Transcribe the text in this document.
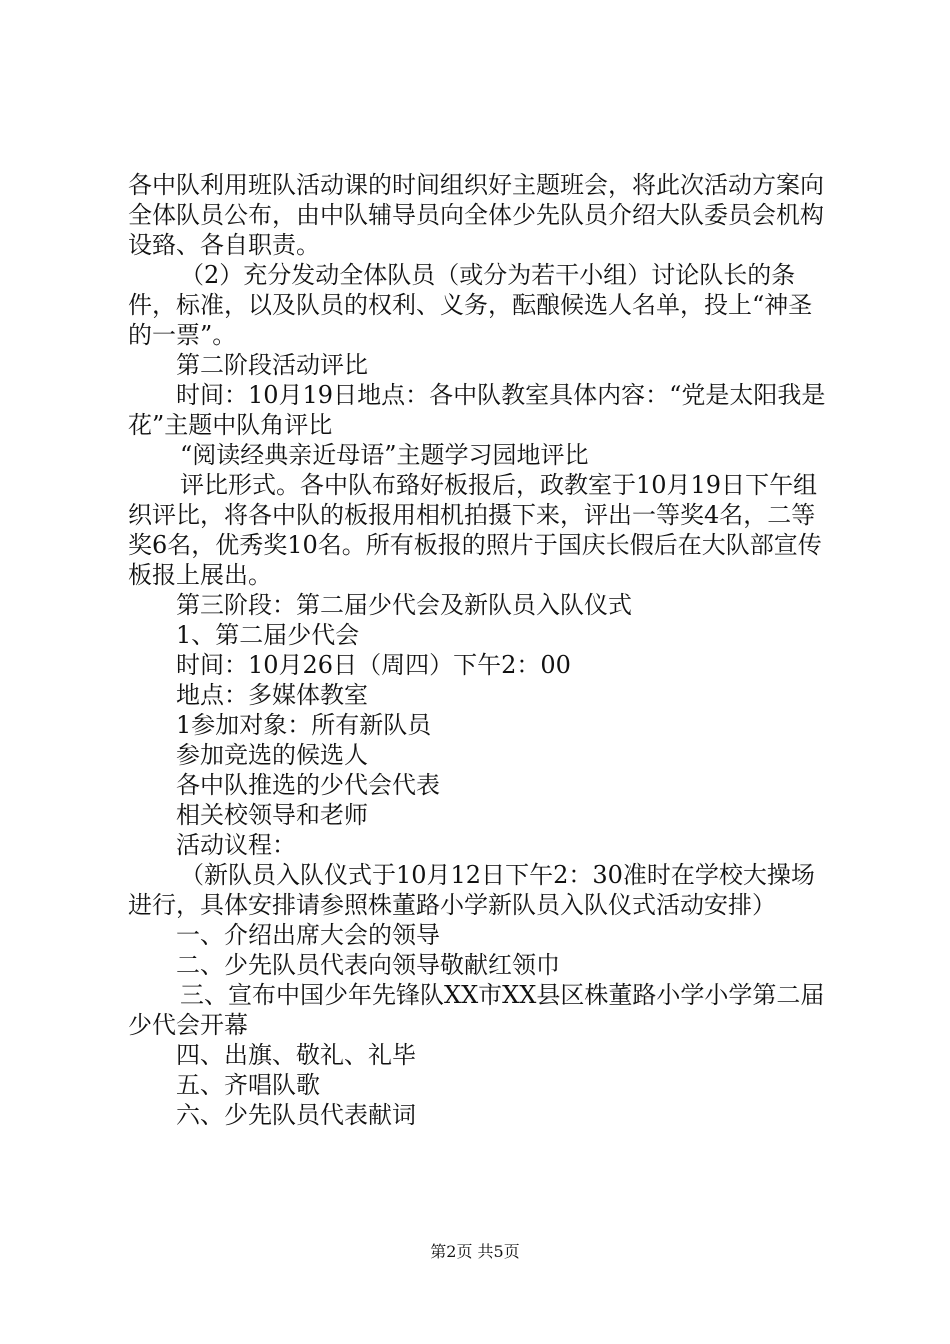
各中队利用班队活动课的时间组织好主题班会，将此次活动方案向全体队员公布，由中队辅导员向全体少先队员介绍大队委员会机构设臵、各自职责。

（2）充分发动全体队员（或分为若干小组）讨论队长的条件，标准，以及队员的权利、义务，酝酿候选人名单，投上“神圣的一票”。

第二阶段活动评比

时间：10月19日地点：各中队教室具体内容：“党是太阳我是花”主题中队角评比

“阅读经典亲近母语”主题学习园地评比

评比形式。各中队布臵好板报后，政教室于10月19日下午组织评比，将各中队的板报用相机拍摄下来，评出一等奖4名，二等奖6名，优秀奖10名。所有板报的照片于国庆长假后在大队部宣传板报上展出。

第三阶段：第二届少代会及新队员入队仪式

1、第二届少代会

时间：10月26日（周四）下午2：00

地点：多媒体教室

1参加对象：所有新队员

参加竞选的候选人

各中队推选的少代会代表

相关校领导和老师

活动议程：

（新队员入队仪式于10月12日下午2：30准时在学校大操场进行，具体安排请参照株董路小学新队员入队仪式活动安排）

一、介绍出席大会的领导

二、少先队员代表向领导敬献红领巾

三、宣布中国少年先锋队XX市XX县区株董路小学小学第二届少代会开幕

四、出旗、敬礼、礼毕

五、齐唱队歌

六、少先队员代表献词

第2页 共5页
